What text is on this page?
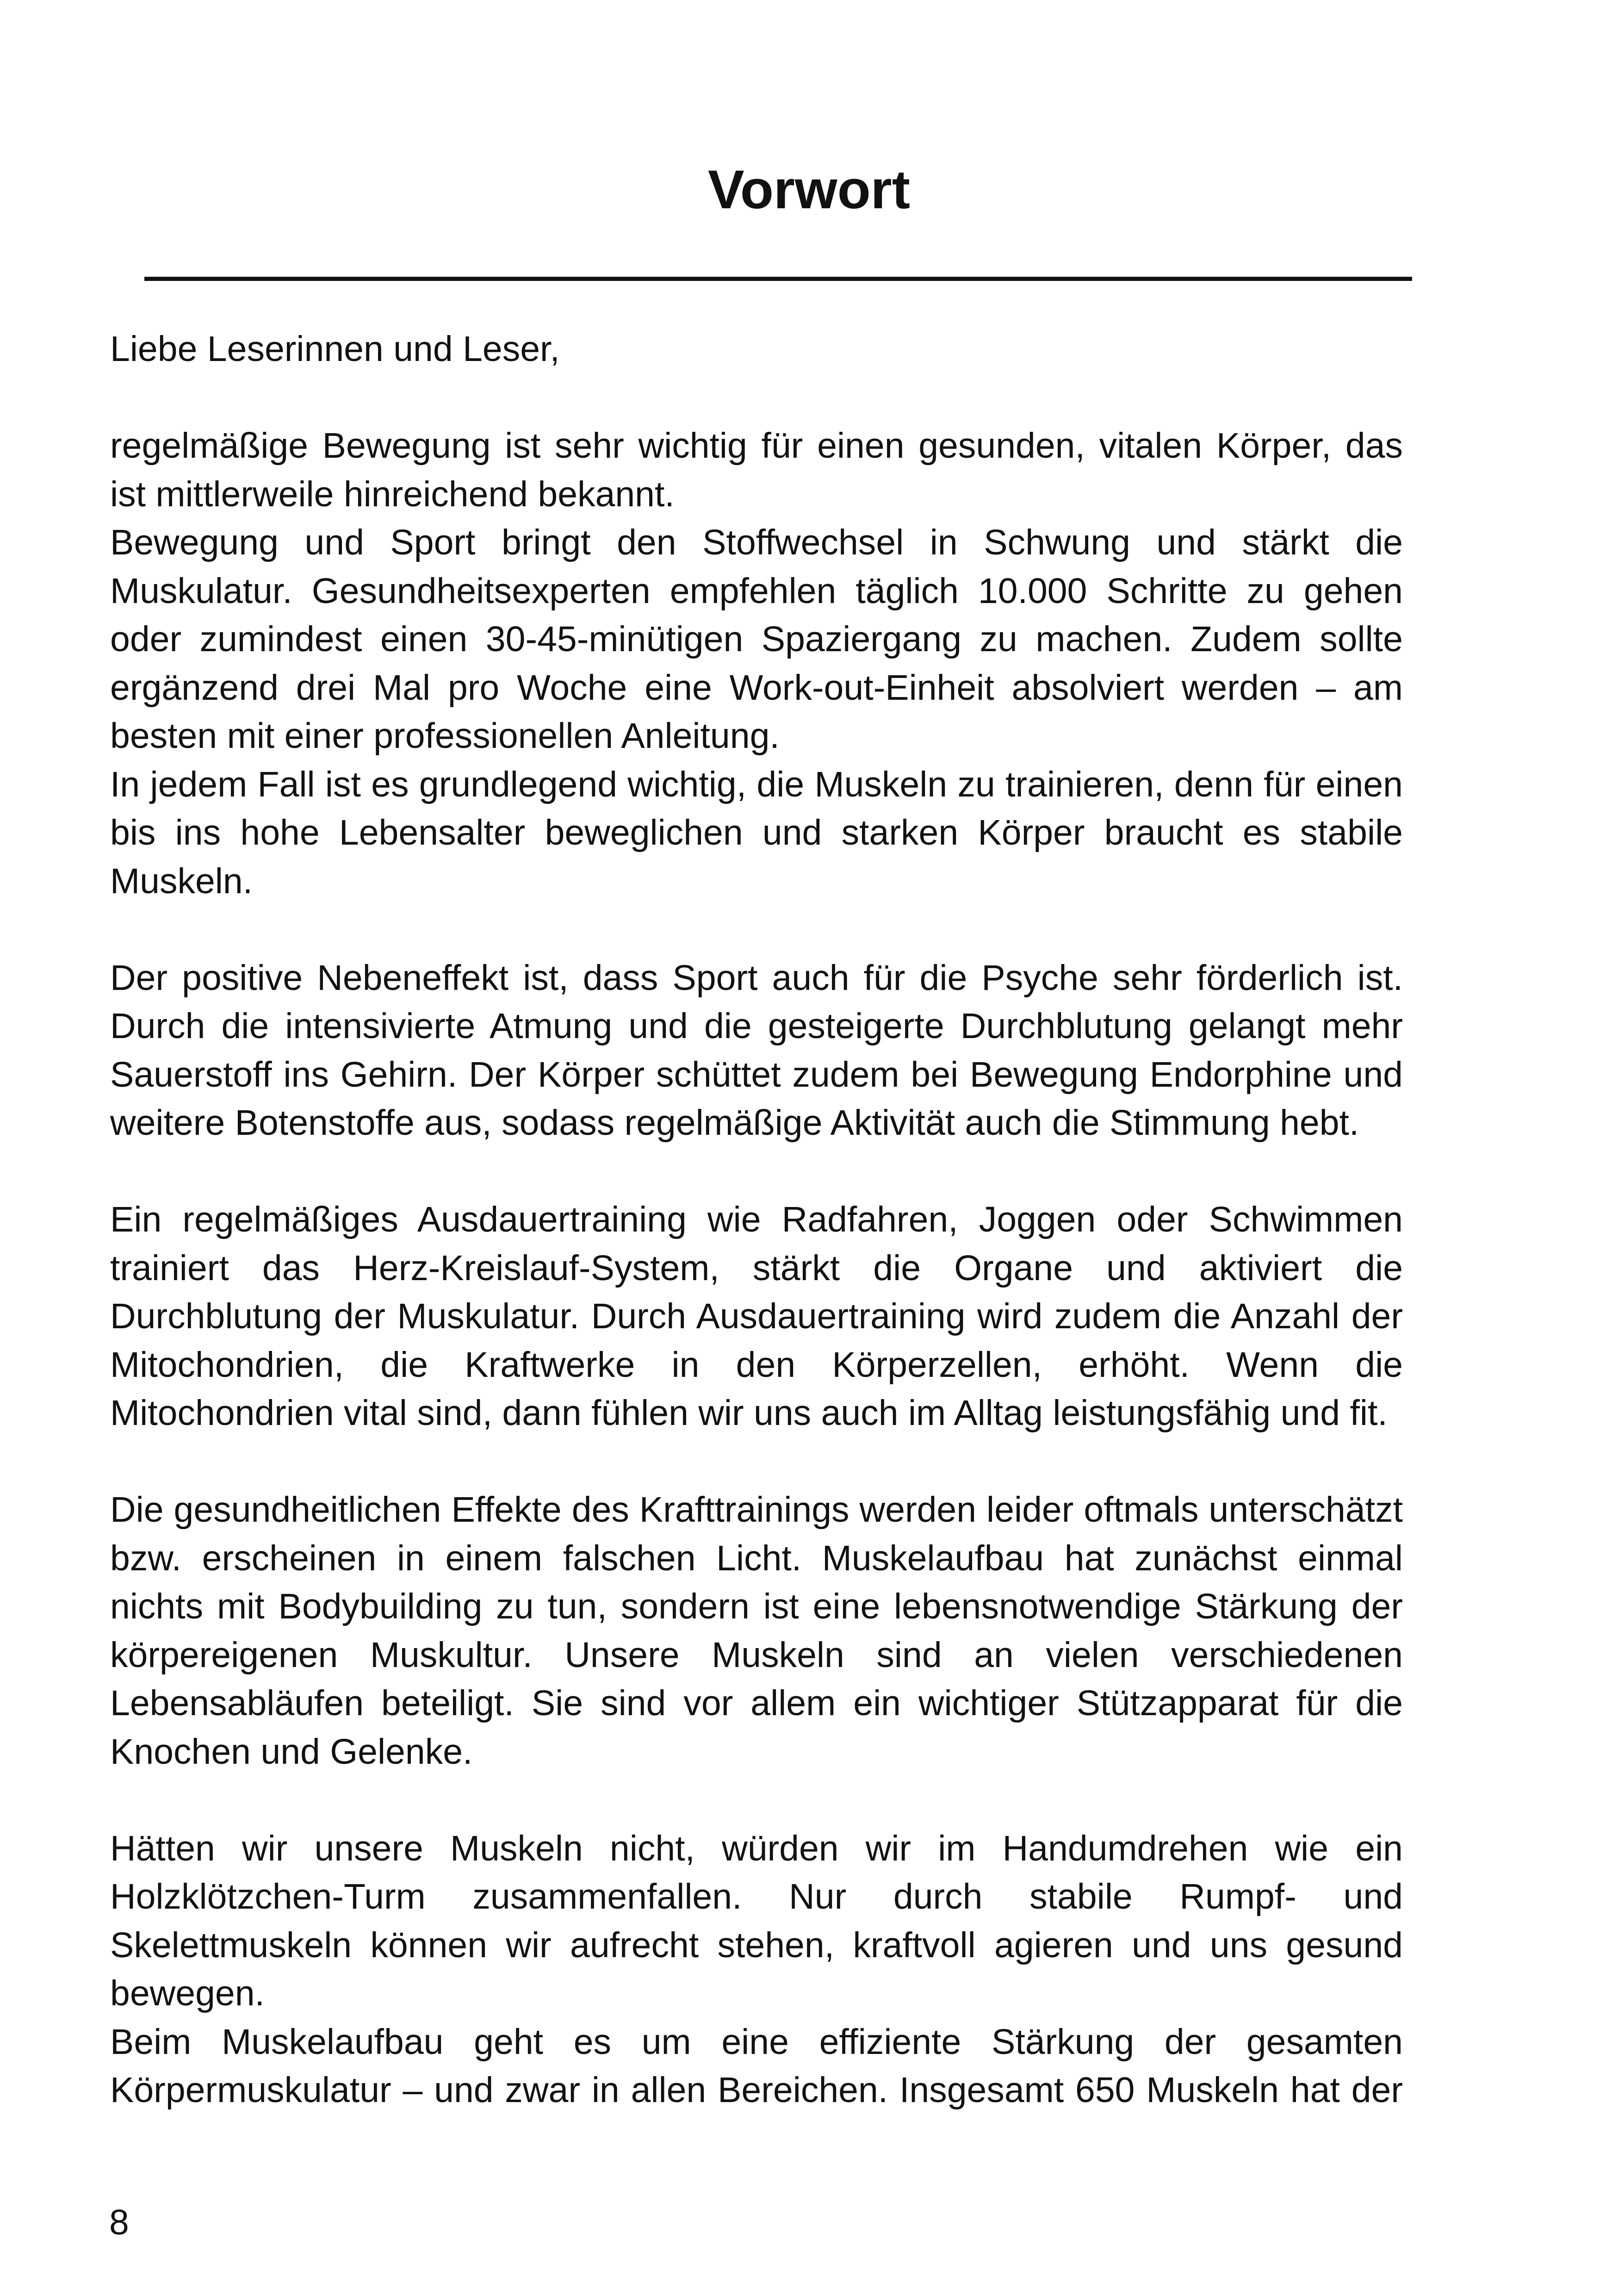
Vorwort

Liebe Leserinnen und Leser,

regelmäßige Bewegung ist sehr wichtig für einen gesunden, vitalen Körper, das ist mittlerweile hinreichend bekannt.

Bewegung und Sport bringt den Stoffwechsel in Schwung und stärkt die Muskulatur. Gesundheitsexperten empfehlen täglich 10.000 Schritte zu gehen oder zumindest einen 30-45-minütigen Spaziergang zu machen. Zudem sollte ergänzend drei Mal pro Woche eine Work-out-Einheit absolviert werden – am besten mit einer professionellen Anleitung.

In jedem Fall ist es grundlegend wichtig, die Muskeln zu trainieren, denn für einen bis ins hohe Lebensalter beweglichen und starken Körper braucht es stabile Muskeln.

Der positive Nebeneffekt ist, dass Sport auch für die Psyche sehr förderlich ist. Durch die intensivierte Atmung und die gesteigerte Durchblutung gelangt mehr Sauerstoff ins Gehirn. Der Körper schüttet zudem bei Bewegung Endorphine und weitere Botenstoffe aus, sodass regelmäßige Aktivität auch die Stimmung hebt.

Ein regelmäßiges Ausdauertraining wie Radfahren, Joggen oder Schwimmen trainiert das Herz-Kreislauf-System, stärkt die Organe und aktiviert die Durchblutung der Muskulatur. Durch Ausdauertraining wird zudem die Anzahl der Mitochondrien, die Kraftwerke in den Körperzellen, erhöht. Wenn die Mitochondrien vital sind, dann fühlen wir uns auch im Alltag leistungsfähig und fit.

Die gesundheitlichen Effekte des Krafttrainings werden leider oftmals unterschätzt bzw. erscheinen in einem falschen Licht. Muskelaufbau hat zunächst einmal nichts mit Bodybuilding zu tun, sondern ist eine lebensnotwendige Stärkung der körpereigenen Muskultur. Unsere Muskeln sind an vielen verschiedenen Lebensabläufen beteiligt. Sie sind vor allem ein wichtiger Stützapparat für die Knochen und Gelenke.

Hätten wir unsere Muskeln nicht, würden wir im Handumdrehen wie ein Holzklötzchen-Turm zusammenfallen. Nur durch stabile Rumpf- und Skelettmuskeln können wir aufrecht stehen, kraftvoll agieren und uns gesund bewegen.

Beim Muskelaufbau geht es um eine effiziente Stärkung der gesamten Körpermuskulatur – und zwar in allen Bereichen. Insgesamt 650 Muskeln hat der

8
